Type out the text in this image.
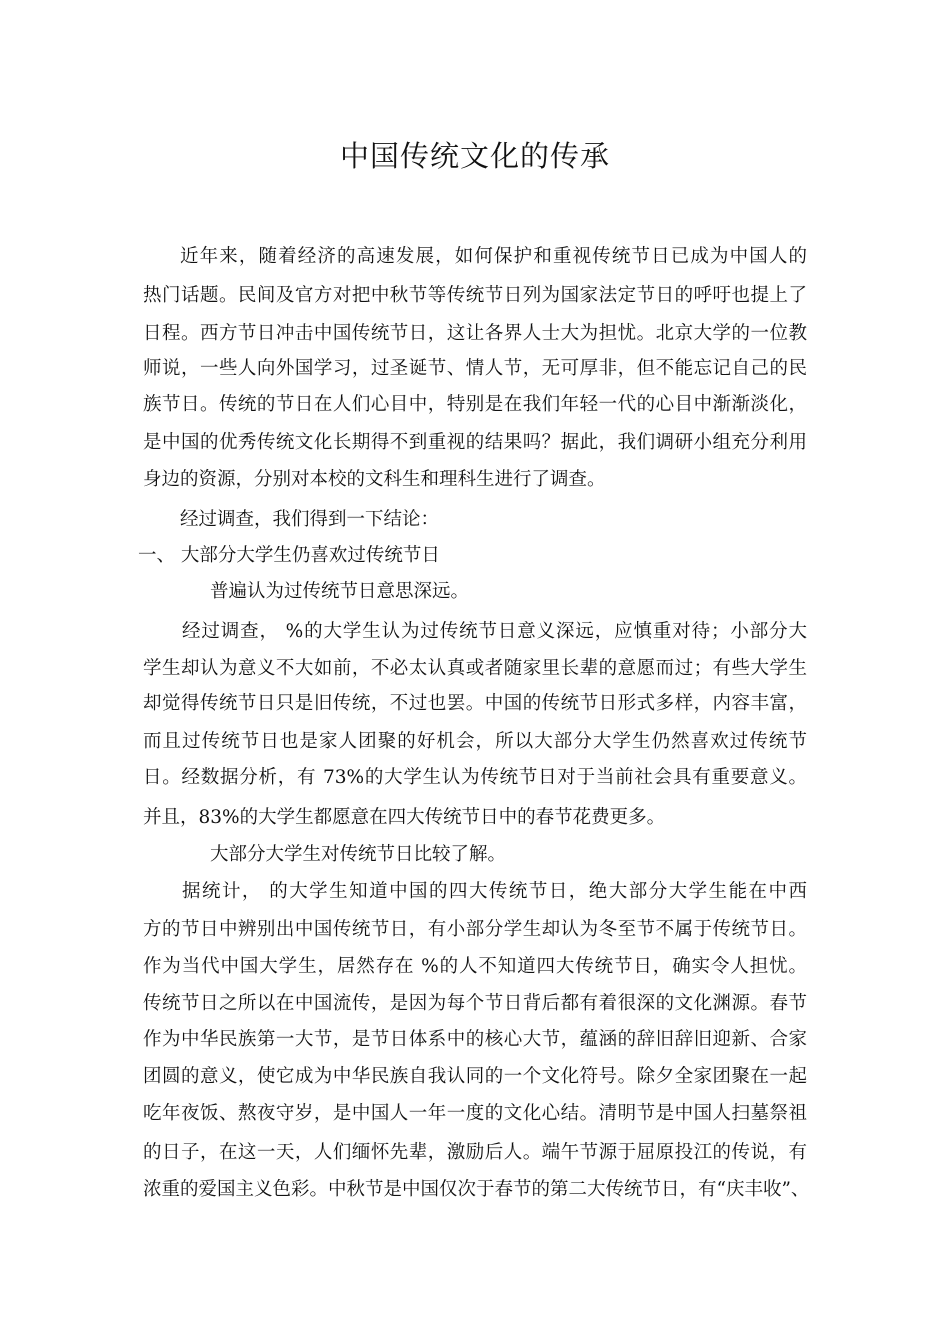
中国传统文化的传承
近年来，随着经济的高速发展，如何保护和重视传统节日已成为中国人的
热门话题。民间及官方对把中秋节等传统节日列为国家法定节日的呼吁也提上了
日程。西方节日冲击中国传统节日，这让各界人士大为担忧。北京大学的一位教
师说，一些人向外国学习，过圣诞节、情人节，无可厚非，但不能忘记自己的民
族节日。传统的节日在人们心目中，特别是在我们年轻一代的心目中渐渐淡化，
是中国的优秀传统文化长期得不到重视的结果吗？据此，我们调研小组充分利用
身边的资源，分别对本校的文科生和理科生进行了调查。
经过调查，我们得到一下结论：
一、 大部分大学生仍喜欢过传统节日
普遍认为过传统节日意思深远。
经过调查， %的大学生认为过传统节日意义深远，应慎重对待；小部分大
学生却认为意义不大如前，不必太认真或者随家里长辈的意愿而过；有些大学生
却觉得传统节日只是旧传统，不过也罢。中国的传统节日形式多样，内容丰富，
而且过传统节日也是家人团聚的好机会，所以大部分大学生仍然喜欢过传统节
日。经数据分析，有 73%的大学生认为传统节日对于当前社会具有重要意义。
并且，83%的大学生都愿意在四大传统节日中的春节花费更多。
大部分大学生对传统节日比较了解。
据统计， 的大学生知道中国的四大传统节日，绝大部分大学生能在中西
方的节日中辨别出中国传统节日，有小部分学生却认为冬至节不属于传统节日。
作为当代中国大学生，居然存在 %的人不知道四大传统节日，确实令人担忧。
传统节日之所以在中国流传，是因为每个节日背后都有着很深的文化渊源。春节
作为中华民族第一大节，是节日体系中的核心大节，蕴涵的辞旧辞旧迎新、合家
团圆的意义，使它成为中华民族自我认同的一个文化符号。除夕全家团聚在一起
吃年夜饭、熬夜守岁，是中国人一年一度的文化心结。清明节是中国人扫墓祭祖
的日子，在这一天，人们缅怀先辈，激励后人。端午节源于屈原投江的传说，有
浓重的爱国主义色彩。中秋节是中国仅次于春节的第二大传统节日，有“庆丰收”、
